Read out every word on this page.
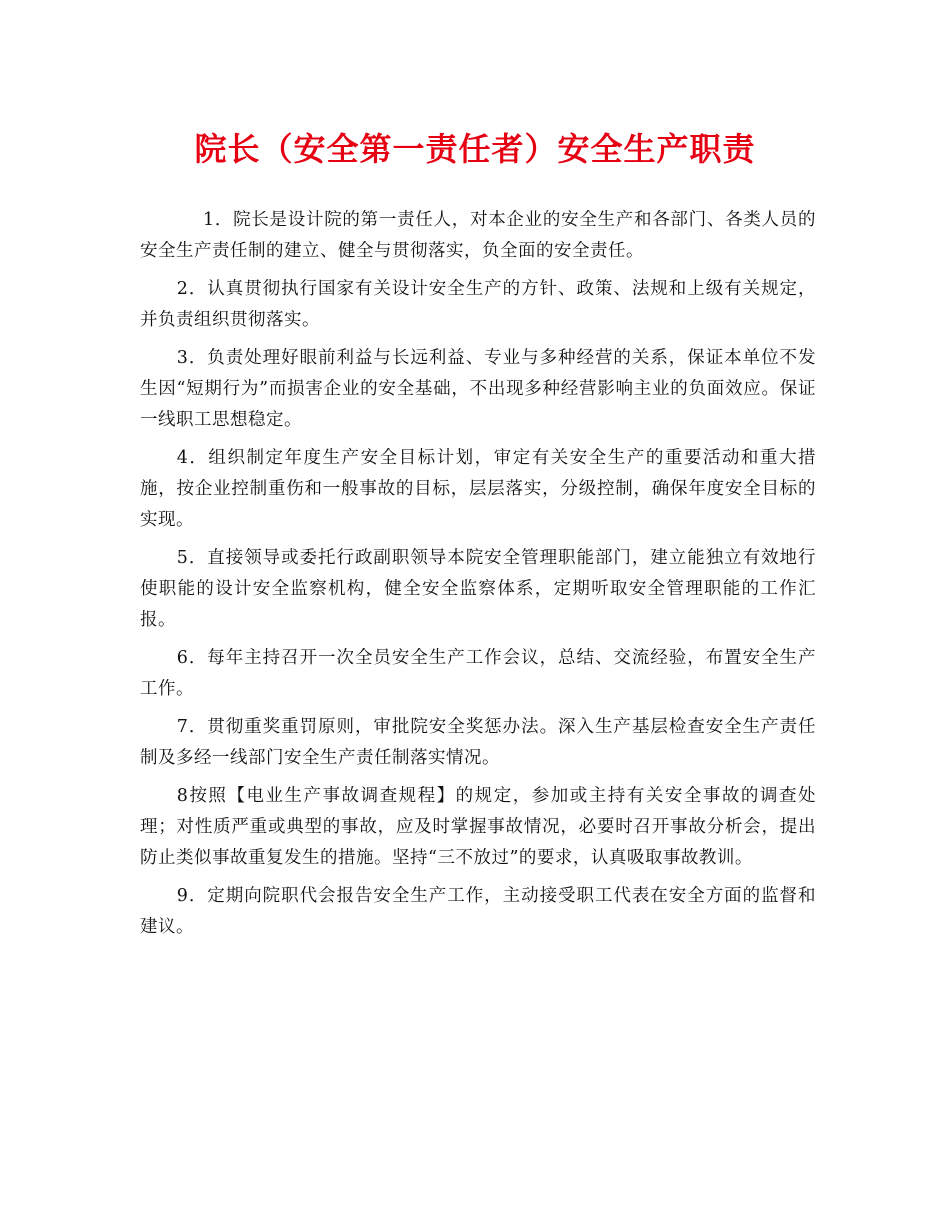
院长（安全第一责任者）安全生产职责

1．院长是设计院的第一责任人，对本企业的安全生产和各部门、各类人员的安全生产责任制的建立、健全与贯彻落实，负全面的安全责任。

2．认真贯彻执行国家有关设计安全生产的方针、政策、法规和上级有关规定，并负责组织贯彻落实。

3．负责处理好眼前利益与长远利益、专业与多种经营的关系，保证本单位不发生因“短期行为”而损害企业的安全基础，不出现多种经营影响主业的负面效应。保证一线职工思想稳定。

4．组织制定年度生产安全目标计划，审定有关安全生产的重要活动和重大措施，按企业控制重伤和一般事故的目标，层层落实，分级控制，确保年度安全目标的实现。

5．直接领导或委托行政副职领导本院安全管理职能部门，建立能独立有效地行使职能的设计安全监察机构，健全安全监察体系，定期听取安全管理职能的工作汇报。

6．每年主持召开一次全员安全生产工作会议，总结、交流经验，布置安全生产工作。

7．贯彻重奖重罚原则，审批院安全奖惩办法。深入生产基层检查安全生产责任制及多经一线部门安全生产责任制落实情况。

8按照【电业生产事故调查规程】的规定，参加或主持有关安全事故的调查处理；对性质严重或典型的事故，应及时掌握事故情况，必要时召开事故分析会，提出防止类似事故重复发生的措施。坚持“三不放过”的要求，认真吸取事故教训。

9．定期向院职代会报告安全生产工作，主动接受职工代表在安全方面的监督和建议。
